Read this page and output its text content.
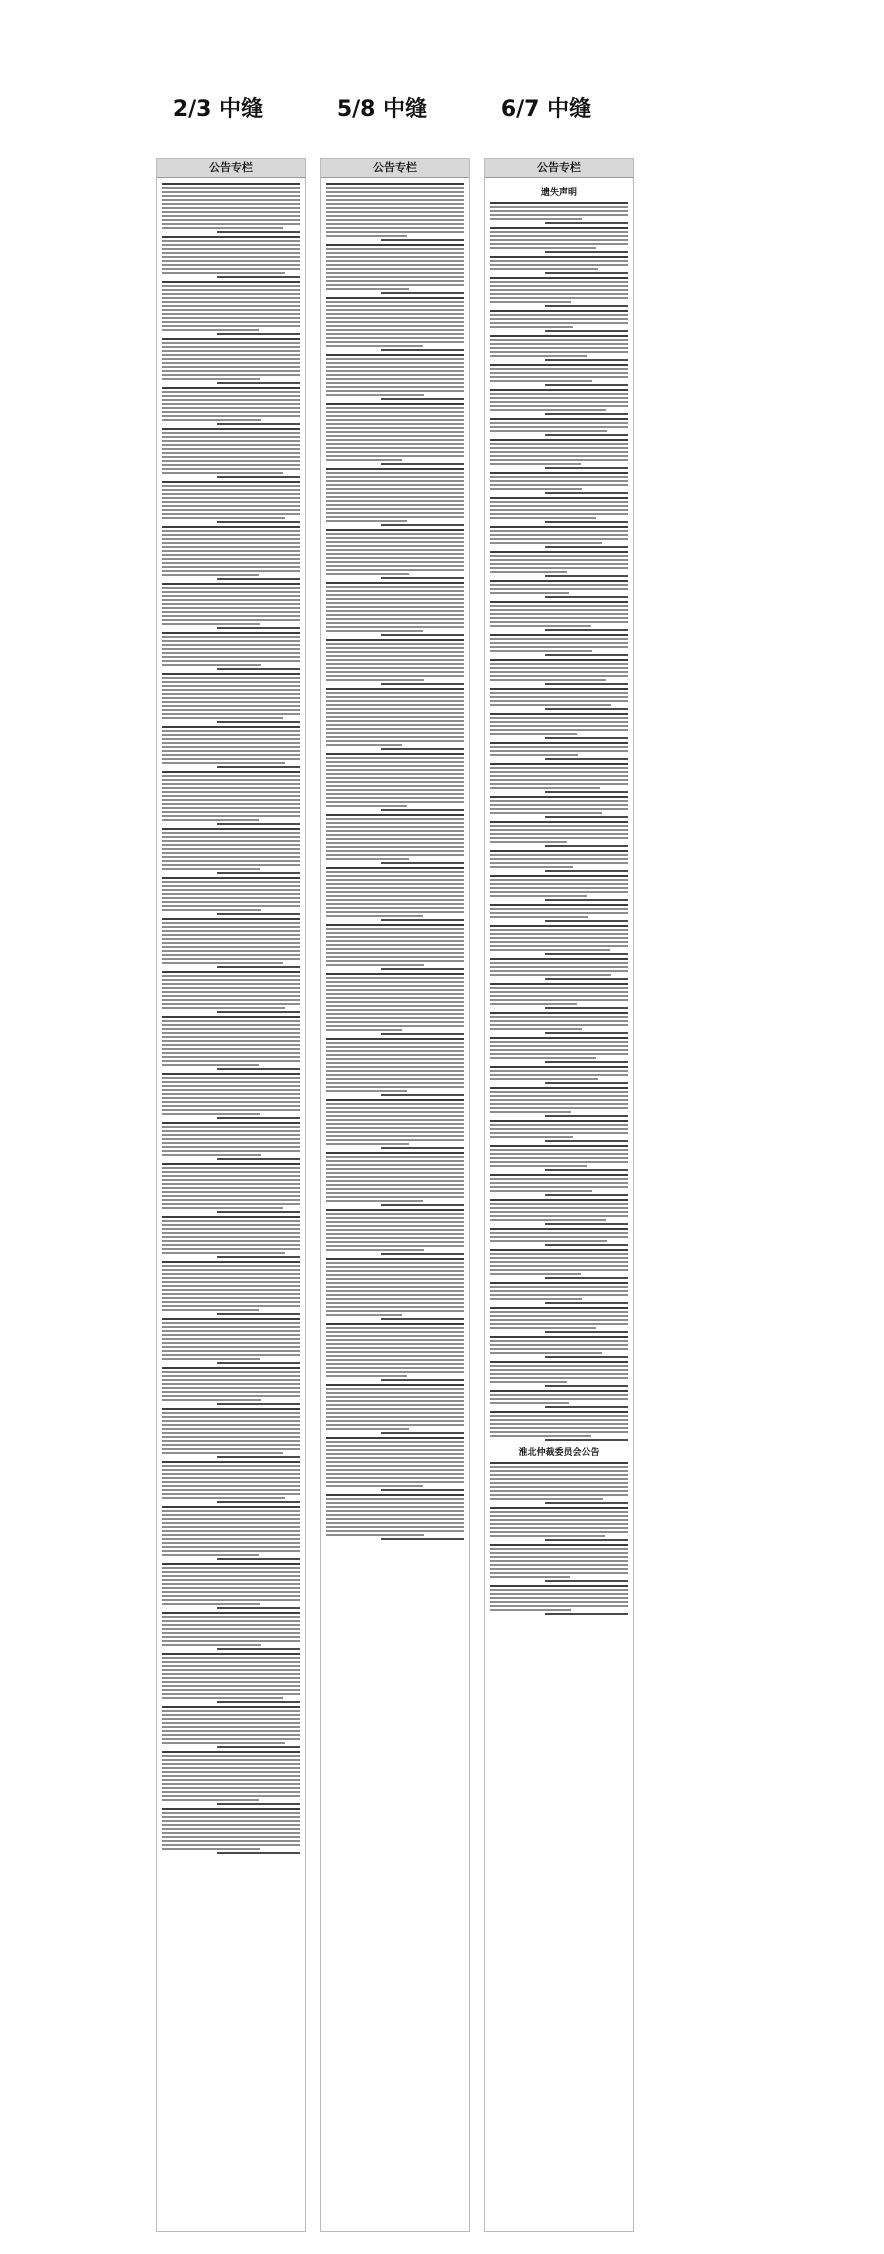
2/3 中缝	5/8 中缝	6/7 中缝
公告专栏	公告专栏	公告专栏
遗失声明
淮北仲裁委员会公告
